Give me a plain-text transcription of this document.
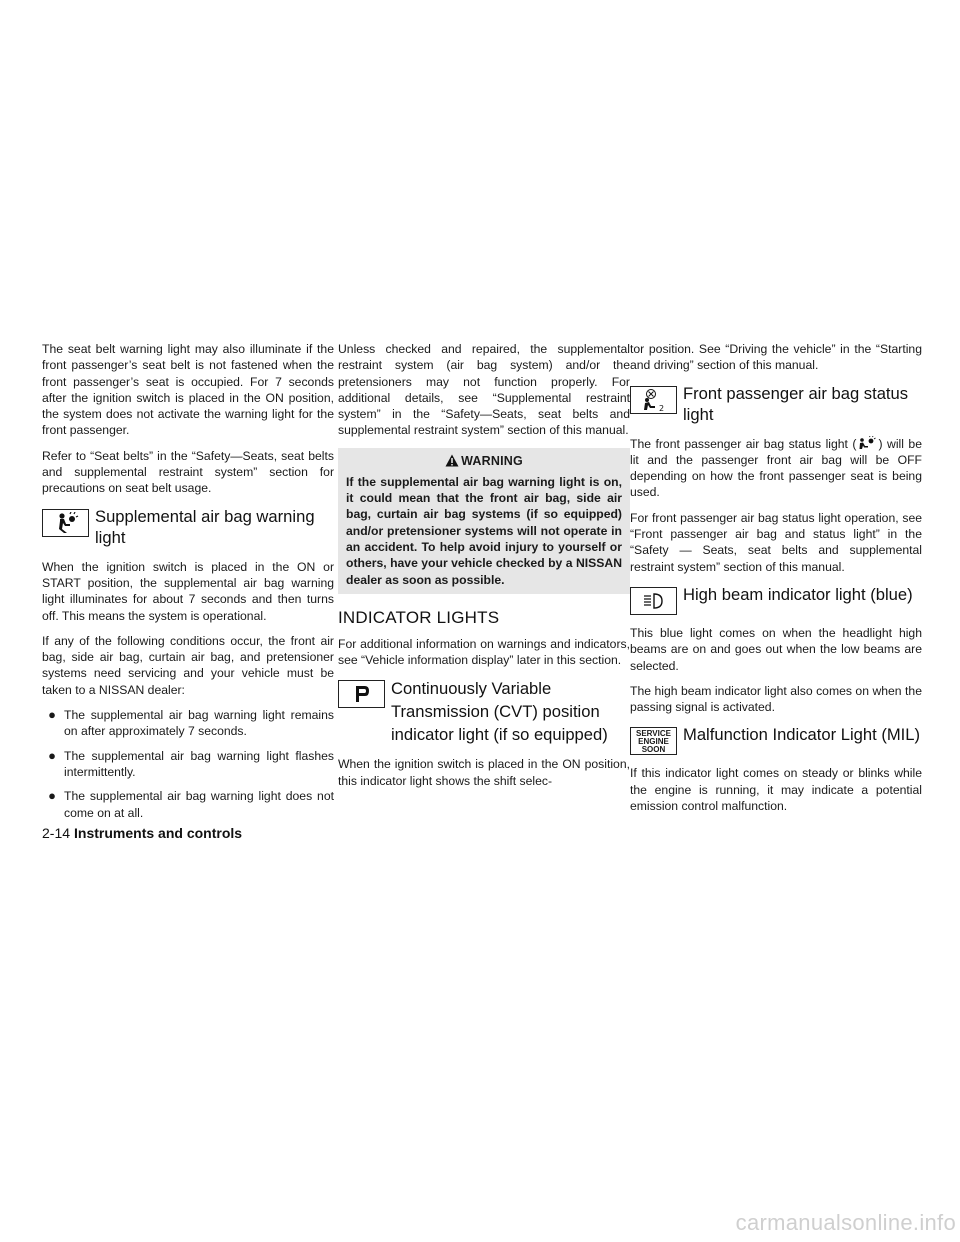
The seat belt warning light may also illuminate if the front passenger’s seat belt is not fastened when the front passenger’s seat is occupied. For 7 seconds after the ignition switch is placed in the ON position, the system does not activate the warning light for the front passenger.

Refer to “Seat belts” in the “Safety—Seats, seat belts and supplemental restraint system” section for precautions on seat belt usage.

Supplemental air bag warning light

When the ignition switch is placed in the ON or START position, the supplemental air bag warning light illuminates for about 7 seconds and then turns off. This means the system is operational.

If any of the following conditions occur, the front air bag, side air bag, curtain air bag, and pretensioner systems need servicing and your vehicle must be taken to a NISSAN dealer:

● The supplemental air bag warning light remains on after approximately 7 seconds.
● The supplemental air bag warning light flashes intermittently.
● The supplemental air bag warning light does not come on at all.

Unless checked and repaired, the supplemental restraint system (air bag system) and/or the pretensioners may not function properly. For additional details, see “Supplemental restraint system” in the “Safety—Seats, seat belts and supplemental restraint system” section of this manual.

WARNING
If the supplemental air bag warning light is on, it could mean that the front air bag, side air bag, curtain air bag systems (if so equipped) and/or pretensioner systems will not operate in an accident. To help avoid injury to yourself or others, have your vehicle checked by a NISSAN dealer as soon as possible.
INDICATOR LIGHTS

For additional information on warnings and indicators, see “Vehicle information display” later in this section.

Continuously Variable Transmission (CVT) position indicator light (if so equipped)

When the ignition switch is placed in the ON position, this indicator light shows the shift selec-

tor position. See “Driving the vehicle” in the “Starting and driving” section of this manual.

2
Front passenger air bag status light

The front passenger air bag status light ( ) will be lit and the passenger front air bag will be OFF depending on how the front passenger seat is being used.

For front passenger air bag status light operation, see “Front passenger air bag and status light” in the “Safety — Seats, seat belts and supplemental restraint system” section of this manual.

High beam indicator light (blue)

This blue light comes on when the headlight high beams are on and goes out when the low beams are selected.

The high beam indicator light also comes on when the passing signal is activated.

SERVICE
ENGINE
SOON
Malfunction Indicator Light (MIL)

If this indicator light comes on steady or blinks while the engine is running, it may indicate a potential emission control malfunction.

2-14 Instruments and controls
carmanualsonline.info
